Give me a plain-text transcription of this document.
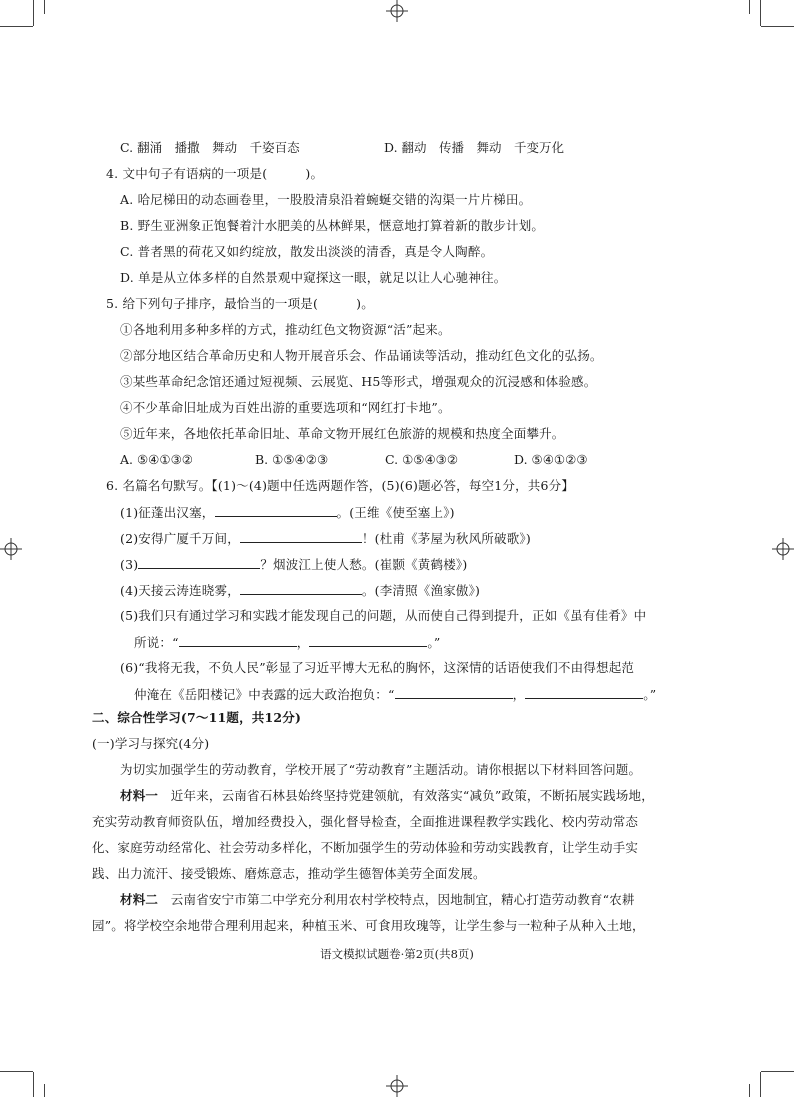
C. 翻涌　播撒　舞动　千姿百态	D. 翻动　传播　舞动　千变万化
4. 文中句子有语病的一项是(　　　)。
A. 哈尼梯田的动态画卷里，一股股清泉沿着蜿蜒交错的沟渠一片片梯田。
B. 野生亚洲象正饱餐着汁水肥美的丛林鲜果，惬意地打算着新的散步计划。
C. 普者黑的荷花又如约绽放，散发出淡淡的清香，真是令人陶醉。
D. 单是从立体多样的自然景观中窥探这一眼，就足以让人心驰神往。
5. 给下列句子排序，最恰当的一项是(　　　)。
①各地利用多种多样的方式，推动红色文物资源“活”起来。
②部分地区结合革命历史和人物开展音乐会、作品诵读等活动，推动红色文化的弘扬。
③某些革命纪念馆还通过短视频、云展览、H5等形式，增强观众的沉浸感和体验感。
④不少革命旧址成为百姓出游的重要选项和“网红打卡地”。
⑤近年来，各地依托革命旧址、革命文物开展红色旅游的规模和热度全面攀升。
A. ⑤④①③②	B. ①⑤④②③	C. ①⑤④③②	D. ⑤④①②③
6. 名篇名句默写。【(1)～(4)题中任选两题作答，(5)(6)题必答，每空1分，共6分】
(1)征蓬出汉塞，	。(王维《使至塞上》)
(2)安得广厦千万间，	！(杜甫《茅屋为秋风所破歌》)
(3)	？烟波江上使人愁。(崔颢《黄鹤楼》)
(4)天接云涛连晓雾，	。(李清照《渔家傲》)
(5)我们只有通过学习和实践才能发现自己的问题，从而使自己得到提升，正如《虽有佳肴》中
所说：“	，	。”
(6)“我将无我，不负人民”彰显了习近平博大无私的胸怀，这深情的话语使我们不由得想起范
仲淹在《岳阳楼记》中表露的远大政治抱负：“	，	。”
二、综合性学习(7～11题，共12分)
(一)学习与探究(4分)
为切实加强学生的劳动教育，学校开展了“劳动教育”主题活动。请你根据以下材料回答问题。
材料一　近年来，云南省石林县始终坚持党建领航，有效落实“减负”政策，不断拓展实践场地，
充实劳动教育师资队伍，增加经费投入，强化督导检查，全面推进课程教学实践化、校内劳动常态
化、家庭劳动经常化、社会劳动多样化，不断加强学生的劳动体验和劳动实践教育，让学生动手实
践、出力流汗、接受锻炼、磨炼意志，推动学生德智体美劳全面发展。
材料二　云南省安宁市第二中学充分利用农村学校特点，因地制宜，精心打造劳动教育“农耕
园”。将学校空余地带合理利用起来，种植玉米、可食用玫瑰等，让学生参与一粒种子从种入土地，
语文模拟试题卷·第2页(共8页)
